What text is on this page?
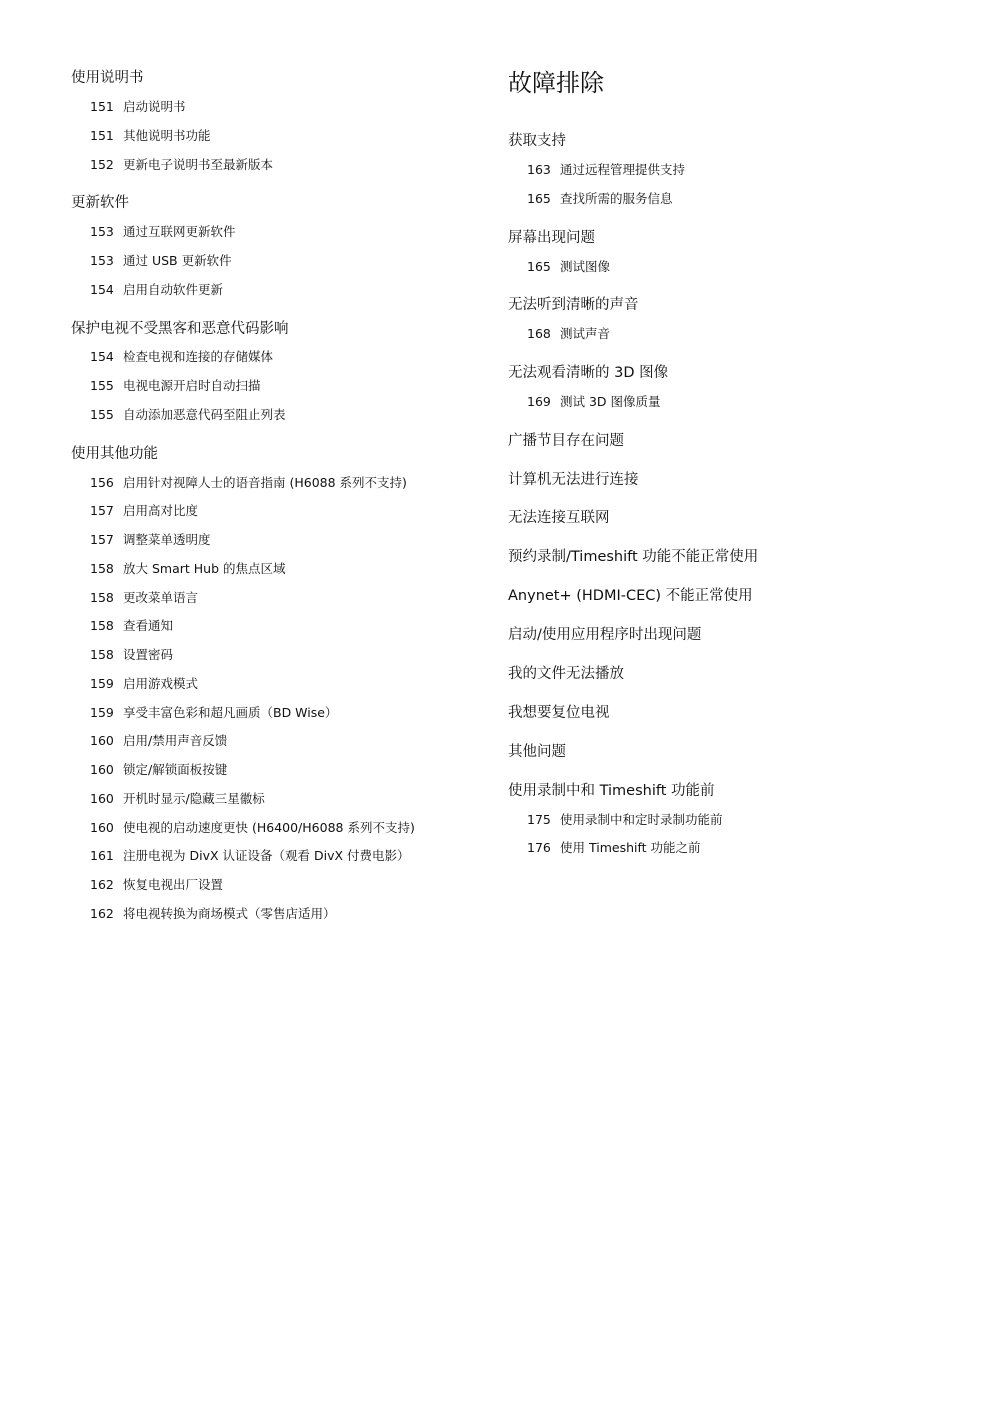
使用说明书
151 启动说明书
151 其他说明书功能
152 更新电子说明书至最新版本
更新软件
153 通过互联网更新软件
153 通过 USB 更新软件
154 启用自动软件更新
保护电视不受黑客和恶意代码影响
154 检查电视和连接的存储媒体
155 电视电源开启时自动扫描
155 自动添加恶意代码至阻止列表
使用其他功能
156 启用针对视障人士的语音指南 (H6088 系列不支持)
157 启用高对比度
157 调整菜单透明度
158 放大 Smart Hub 的焦点区域
158 更改菜单语言
158 查看通知
158 设置密码
159 启用游戏模式
159 享受丰富色彩和超凡画质（BD Wise）
160 启用/禁用声音反馈
160 锁定/解锁面板按键
160 开机时显示/隐藏三星徽标
160 使电视的启动速度更快 (H6400/H6088 系列不支持)
161 注册电视为 DivX 认证设备（观看 DivX 付费电影）
162 恢复电视出厂设置
162 将电视转换为商场模式（零售店适用）
故障排除
获取支持
163 通过远程管理提供支持
165 查找所需的服务信息
屏幕出现问题
165 测试图像
无法听到清晰的声音
168 测试声音
无法观看清晰的 3D 图像
169 测试 3D 图像质量
广播节目存在问题
计算机无法进行连接
无法连接互联网
预约录制/Timeshift 功能不能正常使用
Anynet+ (HDMI-CEC) 不能正常使用
启动/使用应用程序时出现问题
我的文件无法播放
我想要复位电视
其他问题
使用录制中和 Timeshift 功能前
175 使用录制中和定时录制功能前
176 使用 Timeshift 功能之前
